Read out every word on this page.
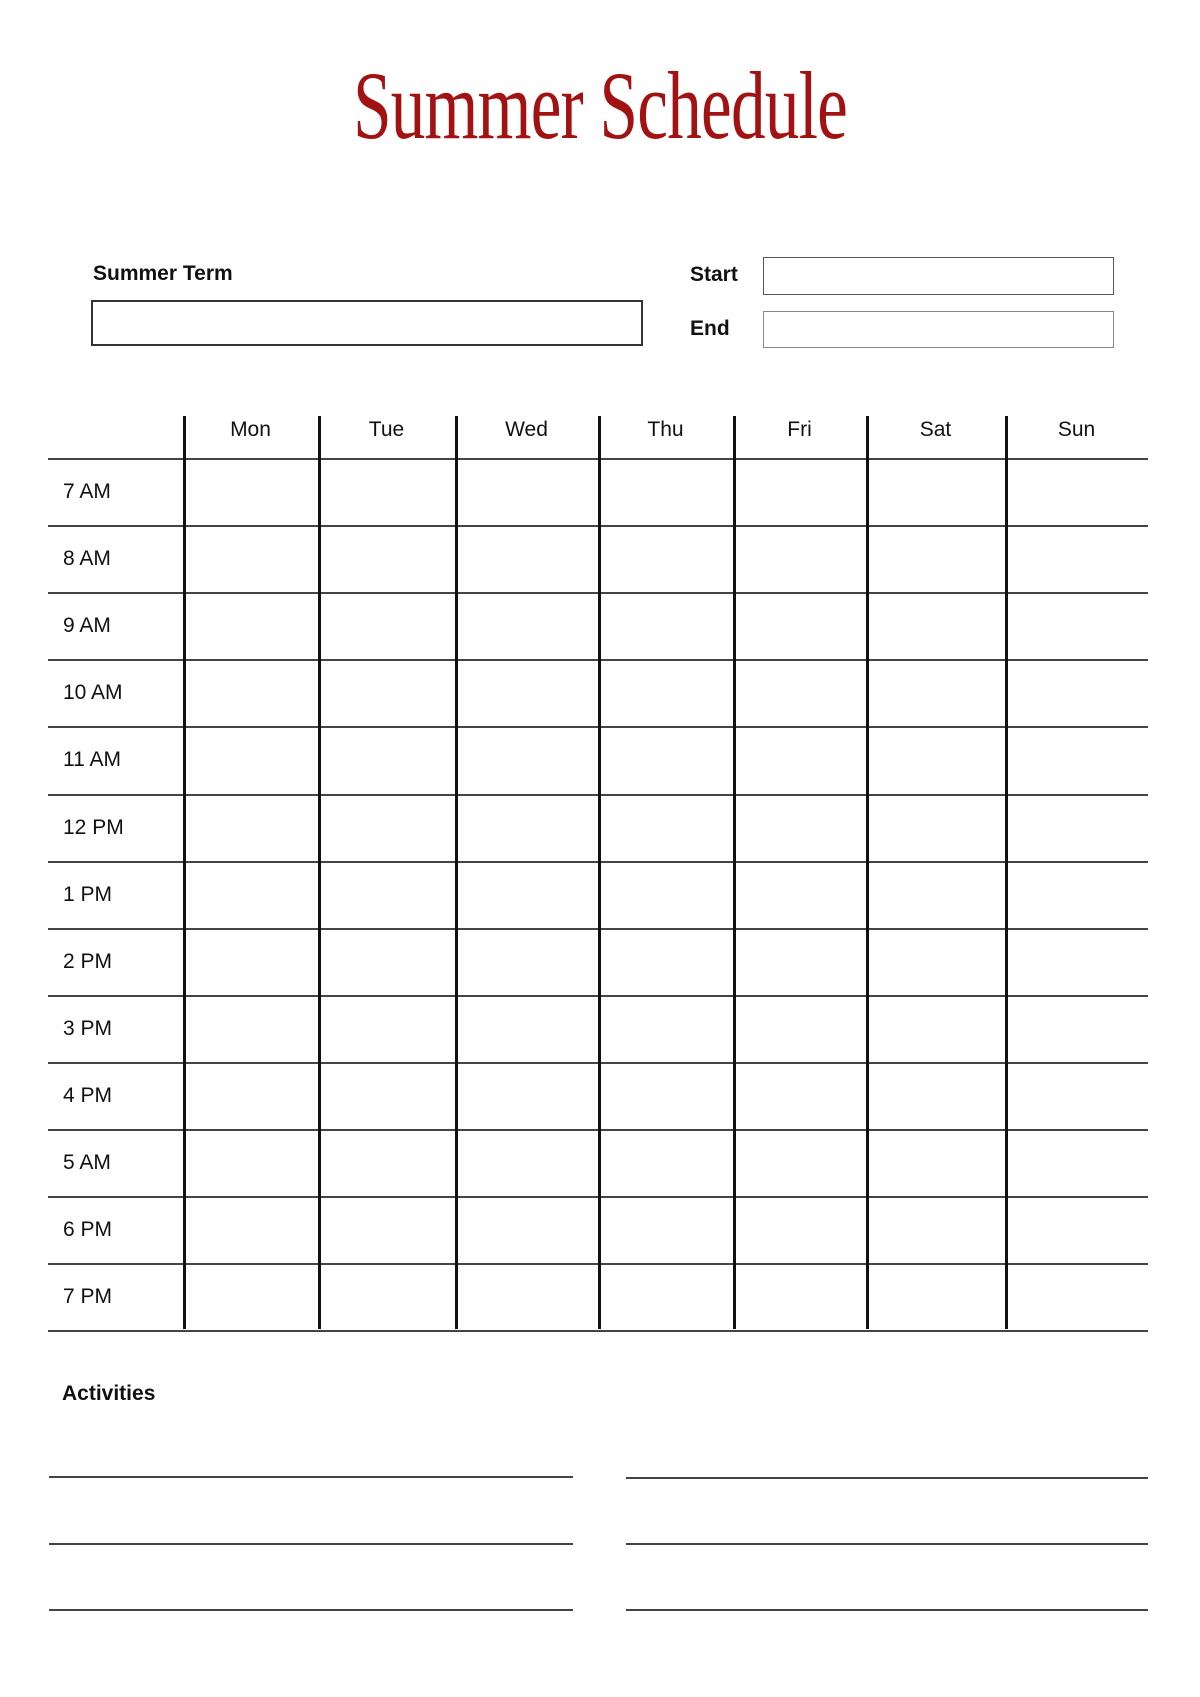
Summer Schedule
Summer Term	Start
End
Mon	Tue	Wed	Thu	Fri	Sat	Sun
7 AM
8 AM
9 AM
10 AM
11 AM
12 PM
1 PM
2 PM
3 PM
4 PM
5 AM
6 PM
7 PM
Activities
